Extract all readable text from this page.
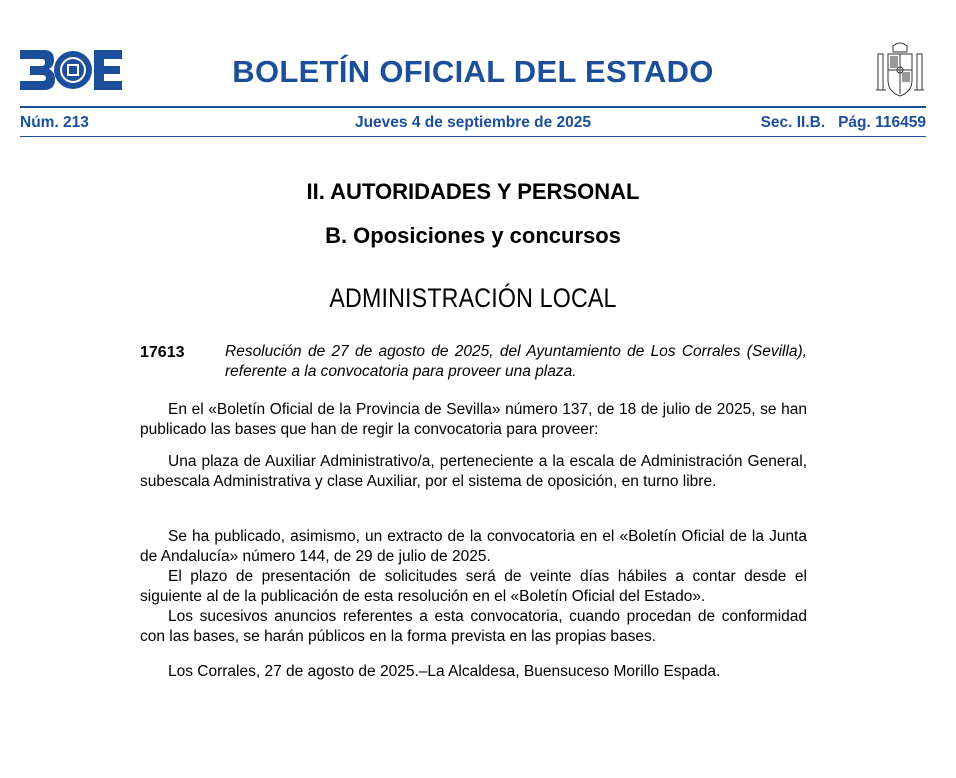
BOLETÍN OFICIAL DEL ESTADO
Núm. 213	Jueves 4 de septiembre de 2025	Sec. II.B.   Pág. 116459
II. AUTORIDADES Y PERSONAL
B. Oposiciones y concursos
ADMINISTRACIÓN LOCAL
17613	Resolución de 27 de agosto de 2025, del Ayuntamiento de Los Corrales (Sevilla), referente a la convocatoria para proveer una plaza.

En el «Boletín Oficial de la Provincia de Sevilla» número 137, de 18 de julio de 2025, se han publicado las bases que han de regir la convocatoria para proveer:

Una plaza de Auxiliar Administrativo/a, perteneciente a la escala de Administración General, subescala Administrativa y clase Auxiliar, por el sistema de oposición, en turno libre.

Se ha publicado, asimismo, un extracto de la convocatoria en el «Boletín Oficial de la Junta de Andalucía» número 144, de 29 de julio de 2025.

El plazo de presentación de solicitudes será de veinte días hábiles a contar desde el siguiente al de la publicación de esta resolución en el «Boletín Oficial del Estado».

Los sucesivos anuncios referentes a esta convocatoria, cuando procedan de conformidad con las bases, se harán públicos en la forma prevista en las propias bases.

Los Corrales, 27 de agosto de 2025.–La Alcaldesa, Buensuceso Morillo Espada.
